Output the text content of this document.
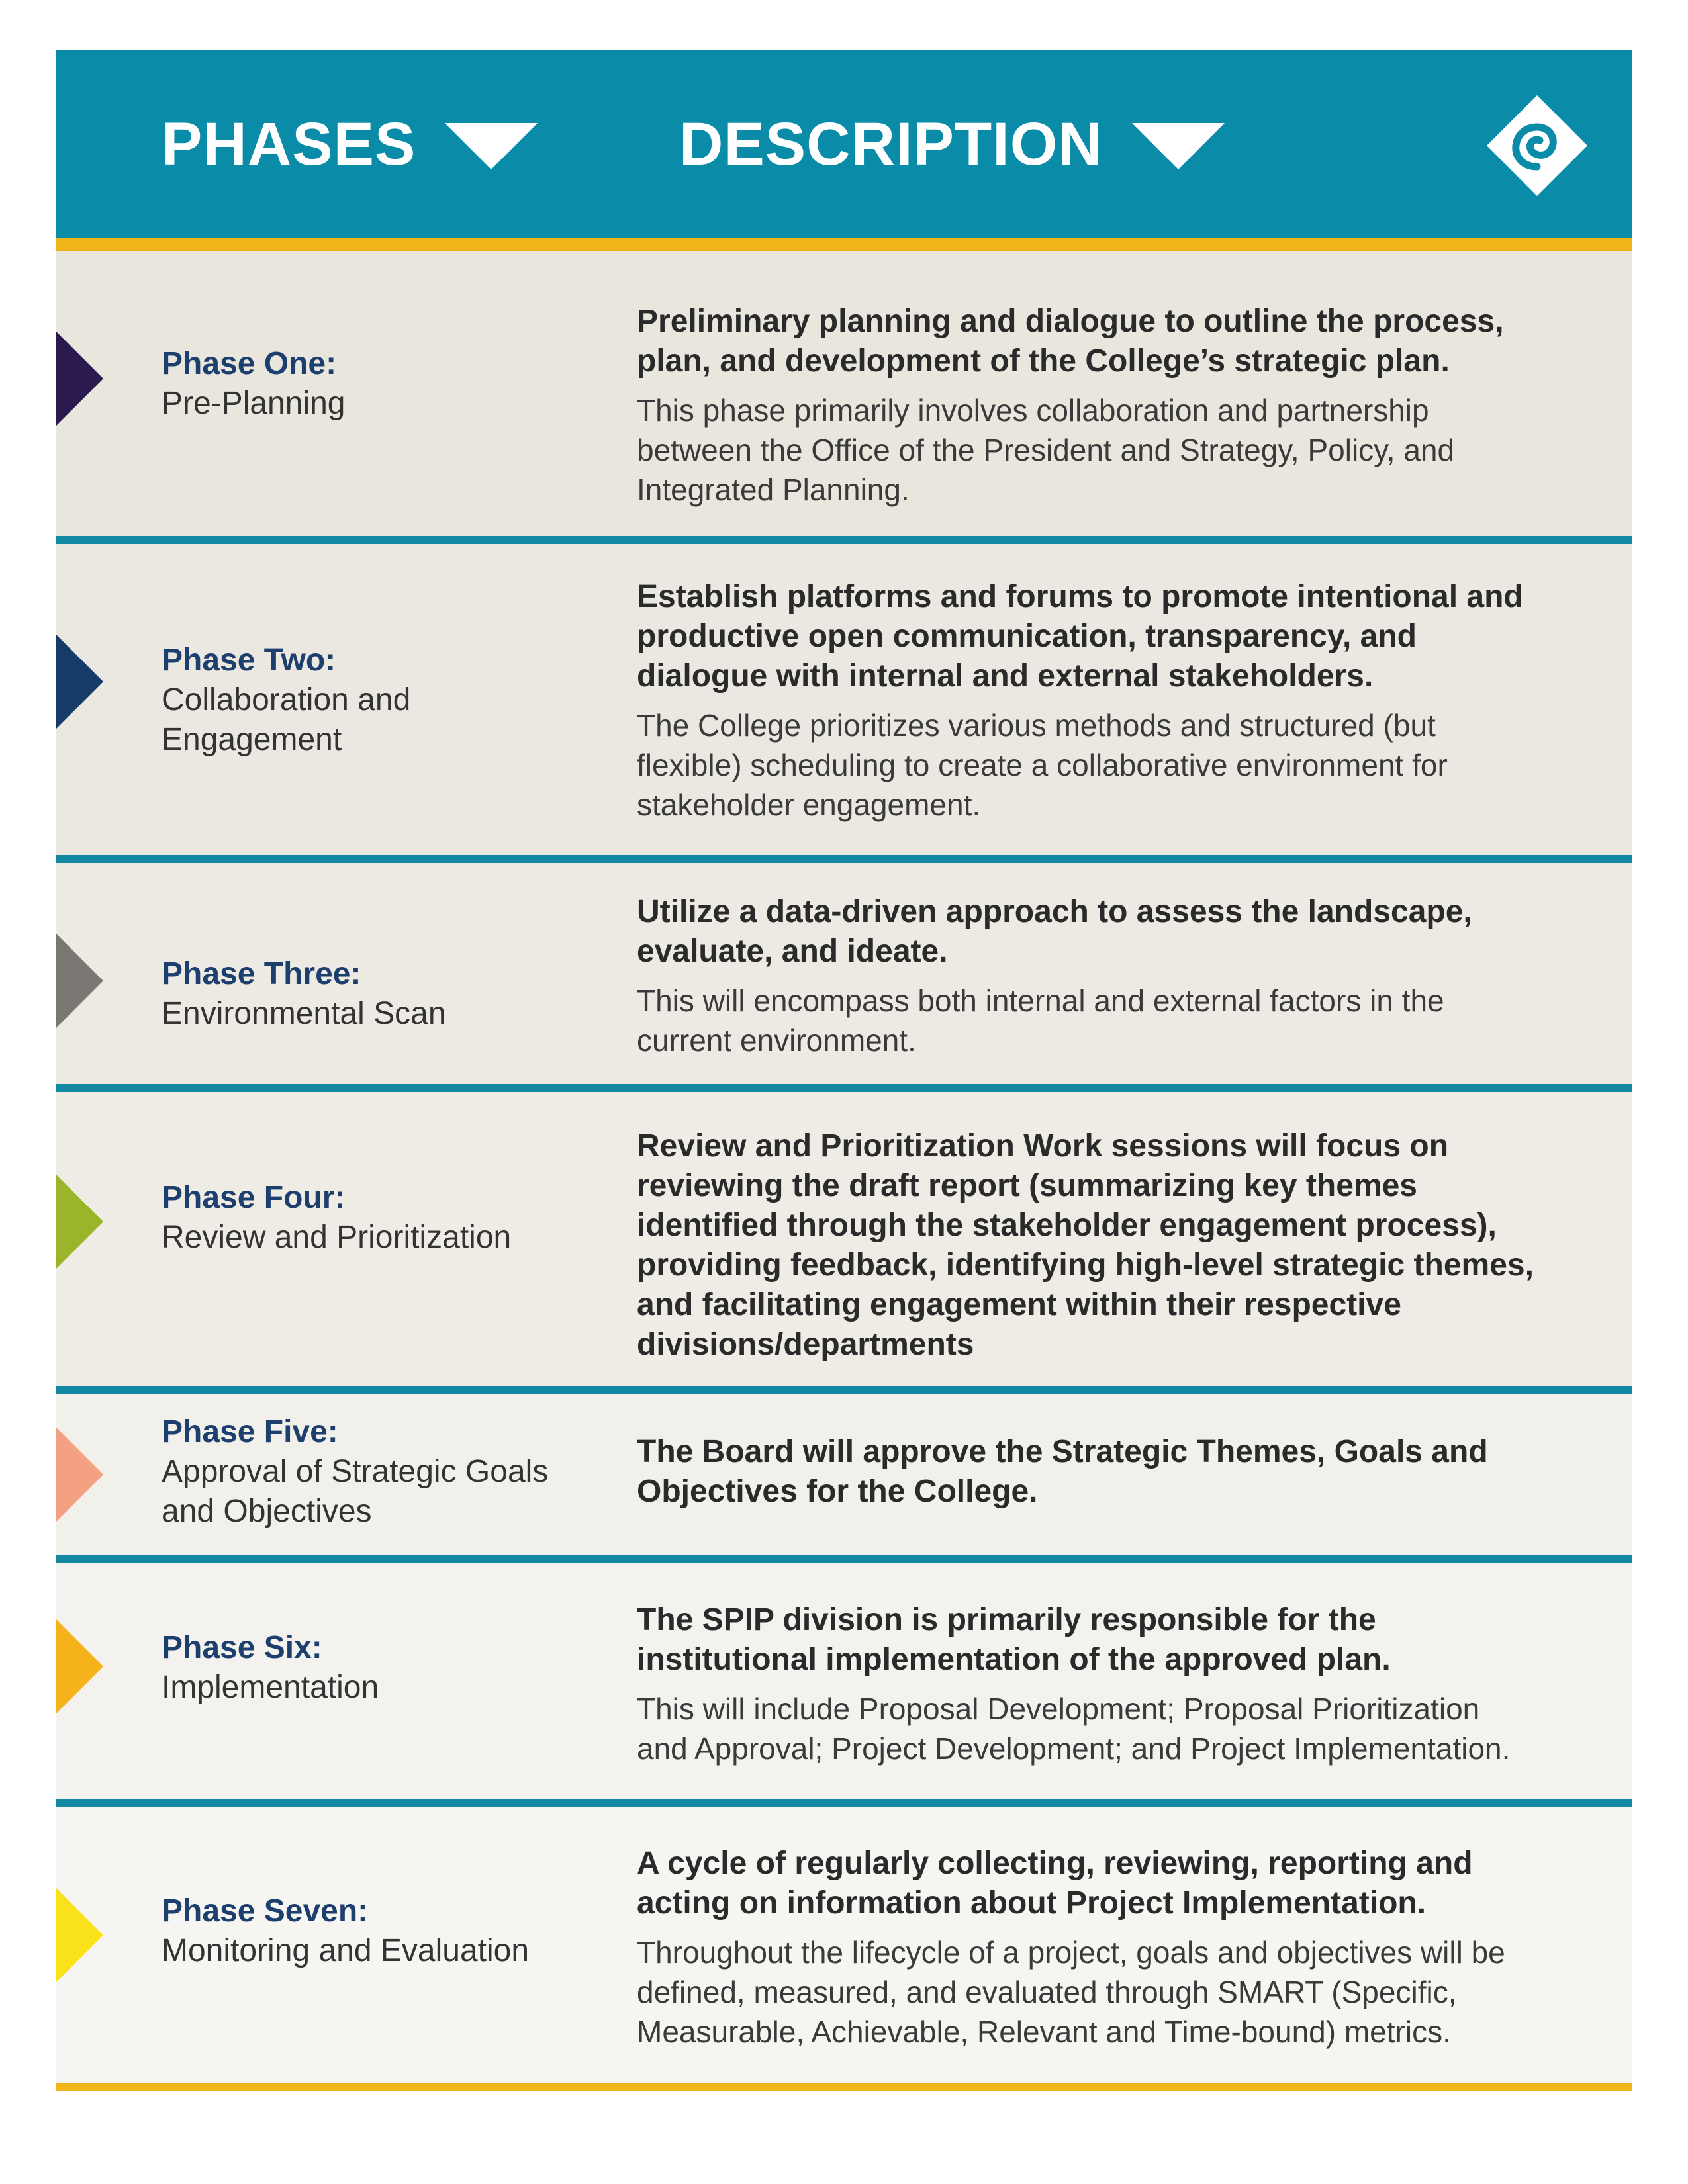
PHASES	DESCRIPTION
Phase One:
Pre-Planning
Preliminary planning and dialogue to outline the process,
plan, and development of the College’s strategic plan.
This phase primarily involves collaboration and partnership
between the Office of the President and Strategy, Policy, and
Integrated Planning.
Phase Two:
Collaboration and
Engagement
Establish platforms and forums to promote intentional and
productive open communication, transparency, and
dialogue with internal and external stakeholders.
The College prioritizes various methods and structured (but
flexible) scheduling to create a collaborative environment for
stakeholder engagement.
Phase Three:
Environmental Scan
Utilize a data-driven approach to assess the landscape,
evaluate, and ideate.
This will encompass both internal and external factors in the
current environment.
Phase Four:
Review and Prioritization
Review and Prioritization Work sessions will focus on
reviewing the draft report (summarizing key themes
identified through the stakeholder engagement process),
providing feedback, identifying high-level strategic themes,
and facilitating engagement within their respective
divisions/departments
Phase Five:
Approval of Strategic Goals
and Objectives
The Board will approve the Strategic Themes, Goals and
Objectives for the College.
Phase Six:
Implementation
The SPIP division is primarily responsible for the
institutional implementation of the approved plan.
This will include Proposal Development; Proposal Prioritization
and Approval; Project Development; and Project Implementation.
Phase Seven:
Monitoring and Evaluation
A cycle of regularly collecting, reviewing, reporting and
acting on information about Project Implementation.
Throughout the lifecycle of a project, goals and objectives will be
defined, measured, and evaluated through SMART (Specific,
Measurable, Achievable, Relevant and Time-bound) metrics.
